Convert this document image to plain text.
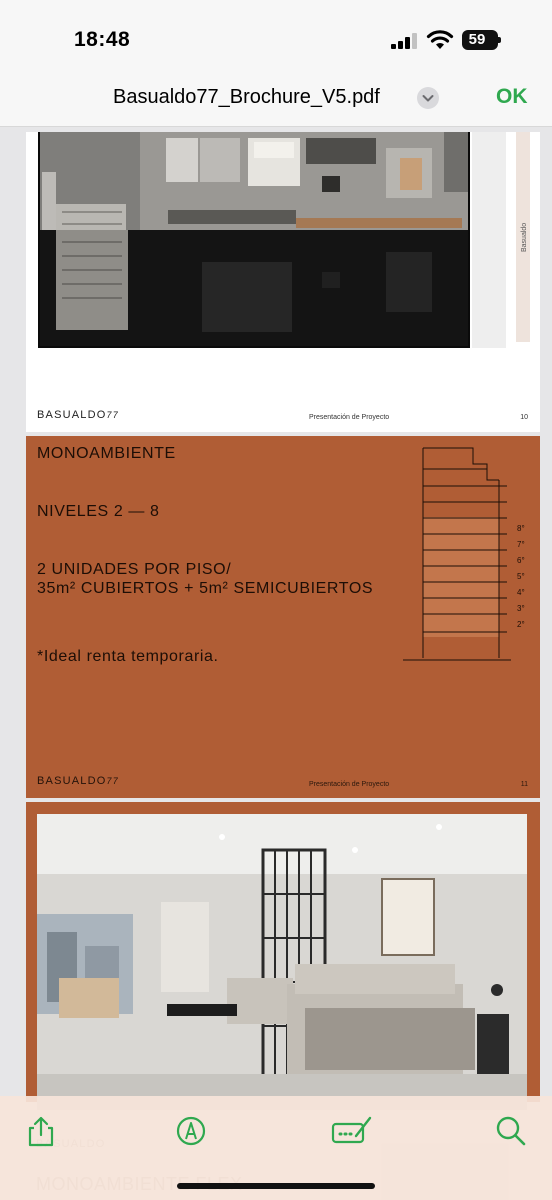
18:48	59
Basualdo77_Brochure_V5.pdf	OK
Basualdo
BASUALDO77	Presentación de Proyecto	10
MONOAMBIENTE
NIVELES 2 — 8
2 UNIDADES POR PISO/
35m² CUBIERTOS + 5m² SEMICUBIERTOS
*Ideal renta temporaria.
8°
7°
6°
5°
4°
3°
2°
BASUALDO77	Presentación de Proyecto	11
